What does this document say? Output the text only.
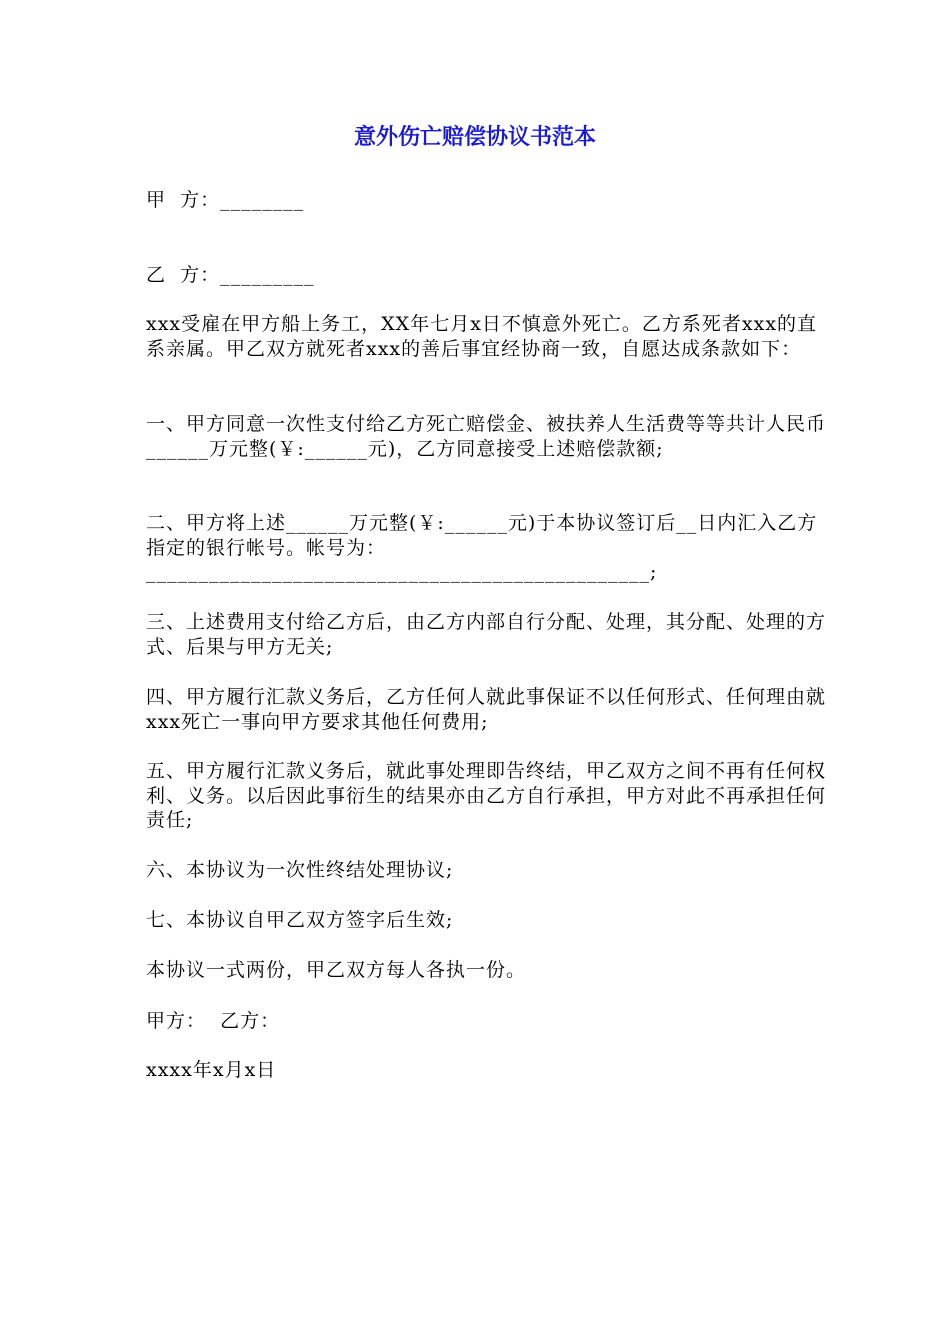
意外伤亡赔偿协议书范本
甲  方：________
乙  方：_________
xxx受雇在甲方船上务工，XX年七月x日不慎意外死亡。乙方系死者xxx的直系亲属。甲乙双方就死者xxx的善后事宜经协商一致，自愿达成条款如下：
一、甲方同意一次性支付给乙方死亡赔偿金、被扶养人生活费等等共计人民币______万元整(￥:______元)，乙方同意接受上述赔偿款额;
二、甲方将上述______万元整(￥:______元)于本协议签订后__日内汇入乙方指定的银行帐号。帐号为：________________________________________________;
三、上述费用支付给乙方后，由乙方内部自行分配、处理，其分配、处理的方式、后果与甲方无关;
四、甲方履行汇款义务后，乙方任何人就此事保证不以任何形式、任何理由就xxx死亡一事向甲方要求其他任何费用;
五、甲方履行汇款义务后，就此事处理即告终结，甲乙双方之间不再有任何权利、义务。以后因此事衍生的结果亦由乙方自行承担，甲方对此不再承担任何责任;
六、本协议为一次性终结处理协议;
七、本协议自甲乙双方签字后生效;
本协议一式两份，甲乙双方每人各执一份。
甲方：  乙方：
xxxx年x月x日
